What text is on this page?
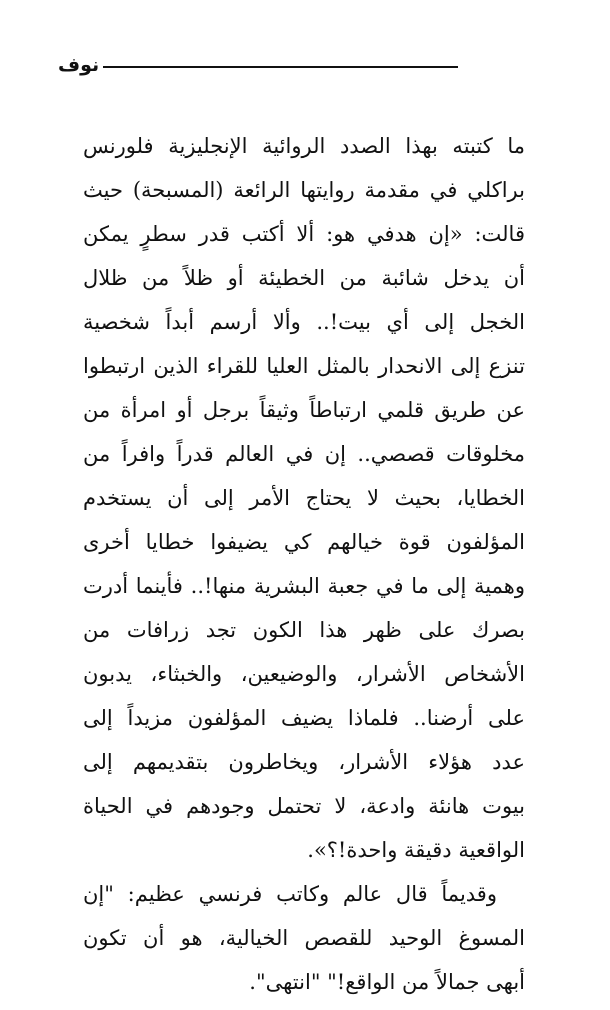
نوف
ما كتبته بهذا الصدد الروائية الإنجليزية فلورنس
براكلي في مقدمة روايتها الرائعة (المسبحة) حيث
قالت: «إن هدفي هو: ألا أكتب قدر سطرٍ يمكن
أن يدخل شائبة من الخطيئة أو ظلاً من ظلال
الخجل إلى أي بيت!.. وألا أرسم أبداً شخصية
تنزع إلى الانحدار بالمثل العليا للقراء الذين ارتبطوا
عن طريق قلمي ارتباطاً وثيقاً برجل أو امرأة من
مخلوقات قصصي.. إن في العالم قدراً وافراً من
الخطايا، بحيث لا يحتاج الأمر إلى أن يستخدم
المؤلفون قوة خيالهم كي يضيفوا خطايا أخرى
وهمية إلى ما في جعبة البشرية منها!.. فأينما أدرت
بصرك على ظهر هذا الكون تجد زرافات من
الأشخاص الأشرار، والوضيعين، والخبثاء، يدبون
على أرضنا.. فلماذا يضيف المؤلفون مزيداً إلى
عدد هؤلاء الأشرار، ويخاطرون بتقديمهم إلى
بيوت هانئة وادعة، لا تحتمل وجودهم في الحياة
الواقعية دقيقة واحدة!؟».
وقديماً قال عالم وكاتب فرنسي عظيم: "إن
المسوغ الوحيد للقصص الخيالية، هو أن تكون
أبهى جمالاً من الواقع!" "انتهى".
